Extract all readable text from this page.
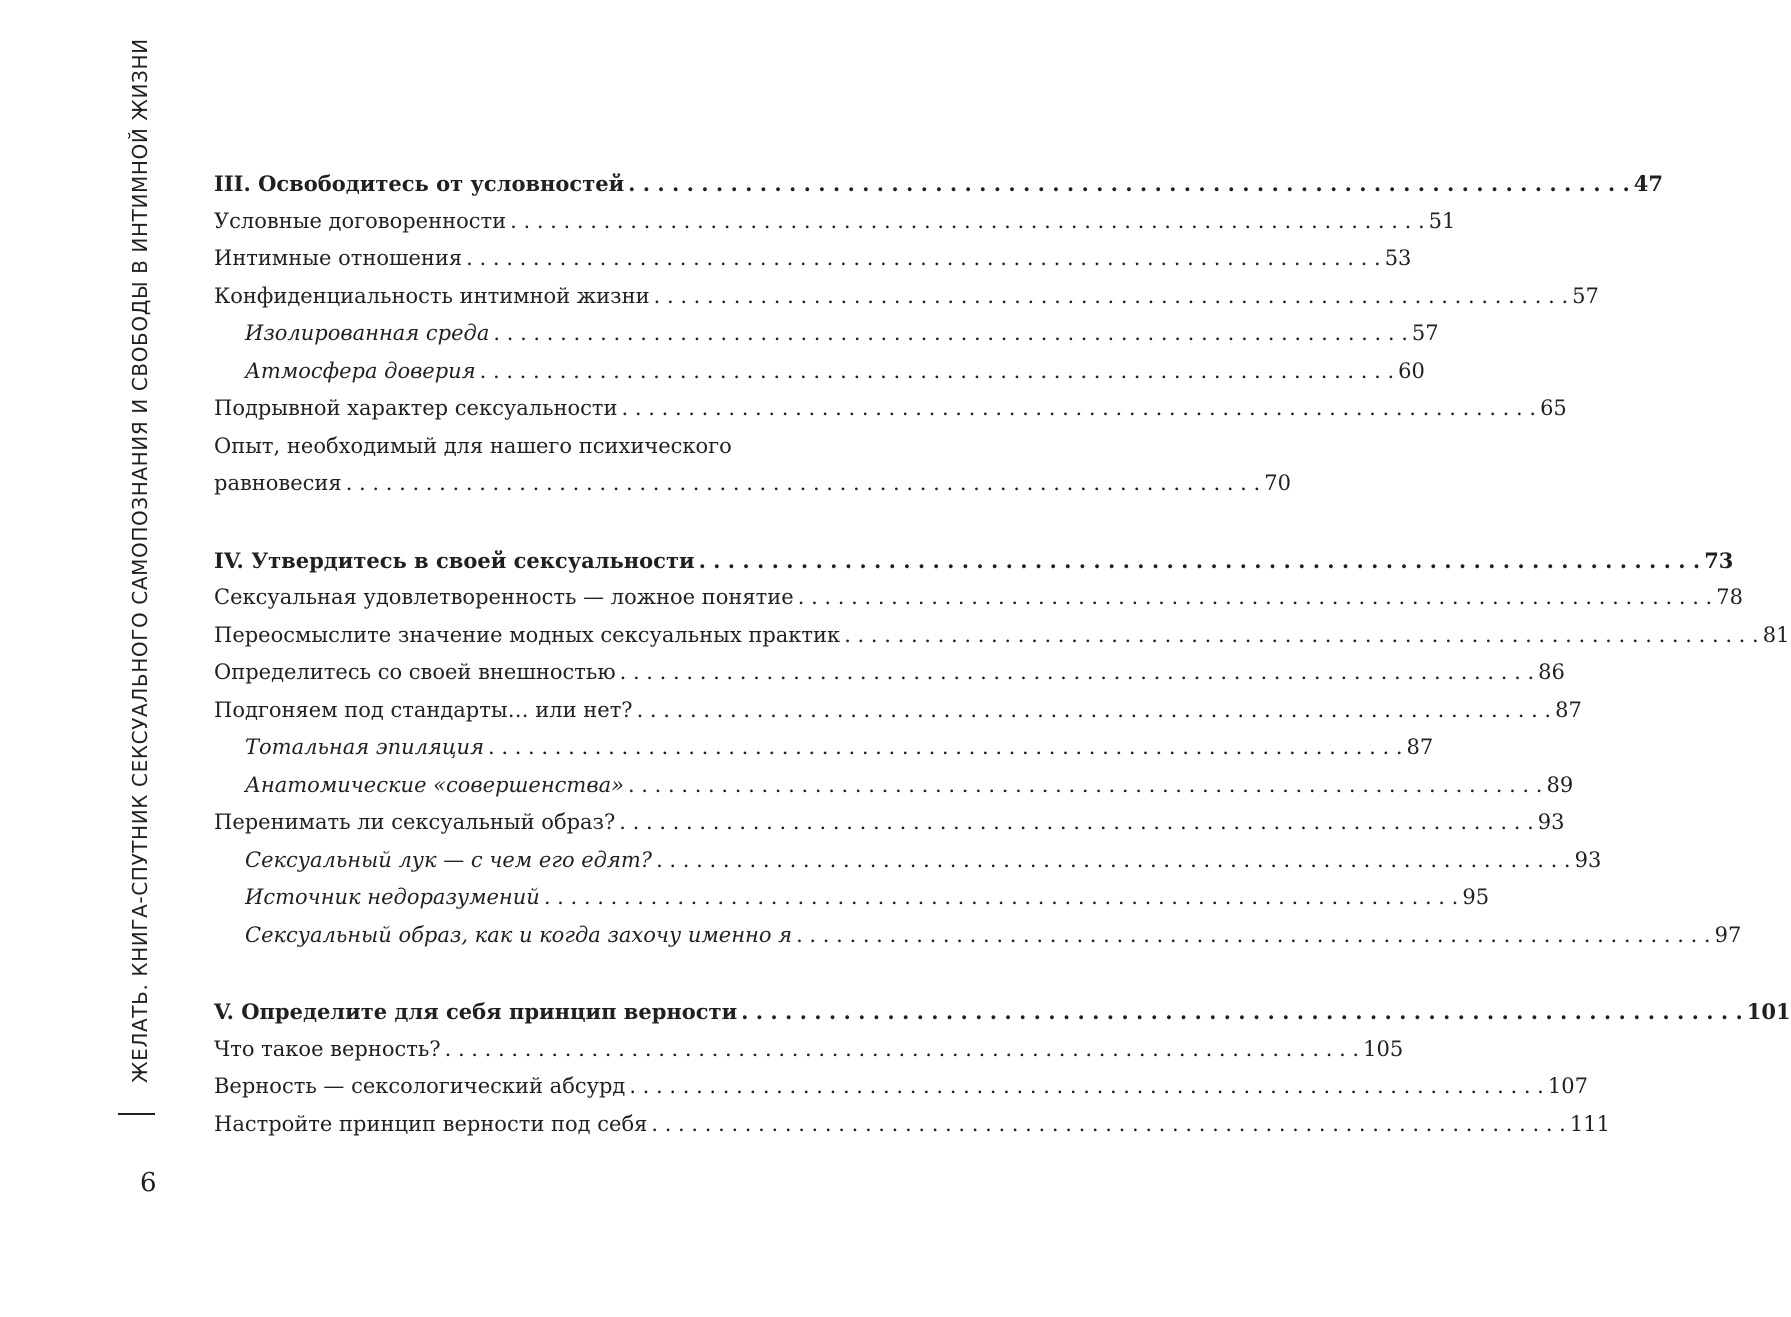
ЖЕЛАТЬ. КНИГА-СПУТНИК СЕКСУАЛЬНОГО САМОПОЗНАНИЯ И СВОБОДЫ В ИНТИМНОЙ ЖИЗНИ
6
III. Освободитесь от условностей . . .	47
Условные договоренности . . .	51
Интимные отношения . . .	53
Конфиденциальность интимной жизни . . .	57
Изолированная среда . . .	57
Атмосфера доверия . . .	60
Подрывной характер сексуальности . . .	65
Опыт, необходимый для нашего психического
равновесия . . .	70
IV. Утвердитесь в своей сексуальности . . .	73
Сексуальная удовлетворенность — ложное понятие . . .	78
Переосмыслите значение модных сексуальных практик . . .	81
Определитесь со своей внешностью . . .	86
Подгоняем под стандарты… или нет? . . .	87
Тотальная эпиляция . . .	87
Анатомические «совершенства» . . .	89
Перенимать ли сексуальный образ? . . .	93
Сексуальный лук — с чем его едят? . . .	93
Источник недоразумений . . .	95
Сексуальный образ, как и когда захочу именно я . . .	97
V. Определите для себя принцип верности . . .	101
Что такое верность? . . .	105
Верность — сексологический абсурд . . .	107
Настройте принцип верности под себя . . .	111
